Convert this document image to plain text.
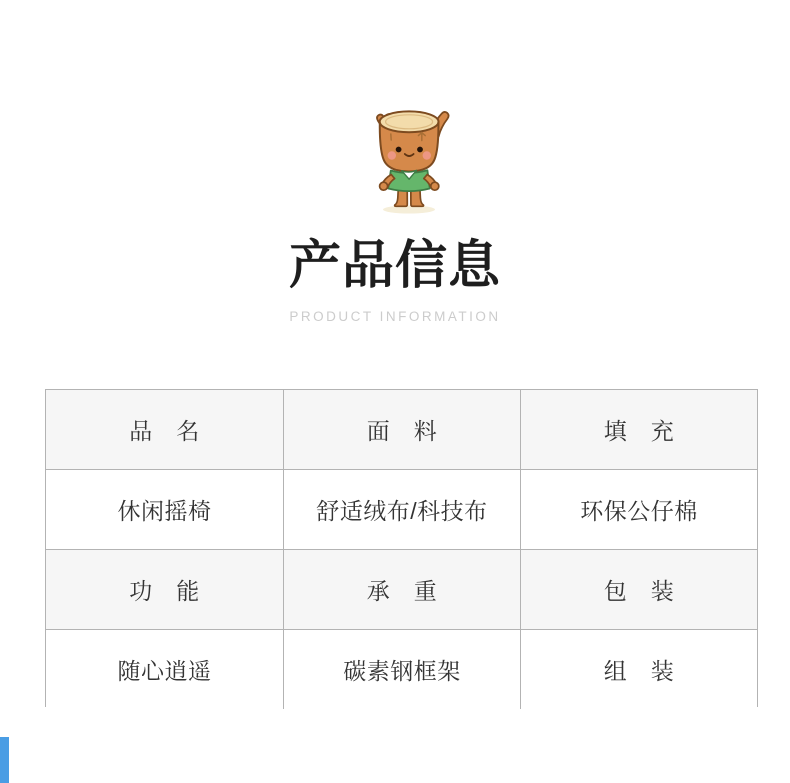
产品信息
PRODUCT INFORMATION
品　名	面　料	填　充
休闲摇椅	舒适绒布/科技布	环保公仔棉
功　能	承　重	包　装
随心逍遥	碳素钢框架	组　装
